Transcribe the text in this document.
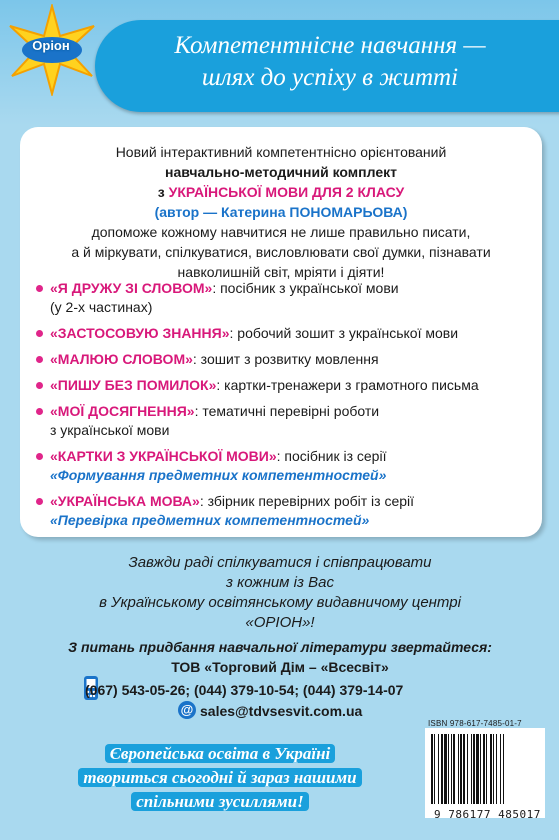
Компетентнісне навчання —
шлях до успіху в житті
Оріон
Новий інтерактивний компетентнісно орієнтований
навчально-методичний комплект
з УКРАЇНСЬКОЇ МОВИ ДЛЯ 2 КЛАСУ
(автор — Катерина ПОНОМАРЬОВА)
допоможе кожному навчитися не лише правильно писати,
а й міркувати, спілкуватися, висловлювати свої думки, пізнавати
навколишній світ, мріяти і діяти!
«Я ДРУЖУ ЗІ СЛОВОМ»: посібник з української мови
(у 2-х частинах)
«ЗАСТОСОВУЮ ЗНАННЯ»: робочий зошит з української мови
«МАЛЮЮ СЛОВОМ»: зошит з розвитку мовлення
«ПИШУ БЕЗ ПОМИЛОК»: картки-тренажери з грамотного письма
«МОЇ ДОСЯГНЕННЯ»: тематичні перевірні роботи
з української мови
«КАРТКИ З УКРАЇНСЬКОЇ МОВИ»: посібник із серії
«Формування предметних компетентностей»
«УКРАЇНСЬКА МОВА»: збірник перевірних робіт із серії
«Перевірка предметних компетентностей»
Завжди раді спілкуватися і співпрацювати
з кожним із Вас
в Українському освітянському видавничому центрі
«ОРІОН»!
З питань придбання навчальної літератури звертайтеся:
ТОВ «Торговий Дім – «Всесвіт»
(067) 543-05-26; (044) 379-10-54; (044) 379-14-07
@ sales@tdvsesvit.com.ua
ISBN 978-617-7485-01-7
Європейська освіта в Україні
твориться сьогодні й зараз нашими
спільними зусиллями!
9 786177 485017
